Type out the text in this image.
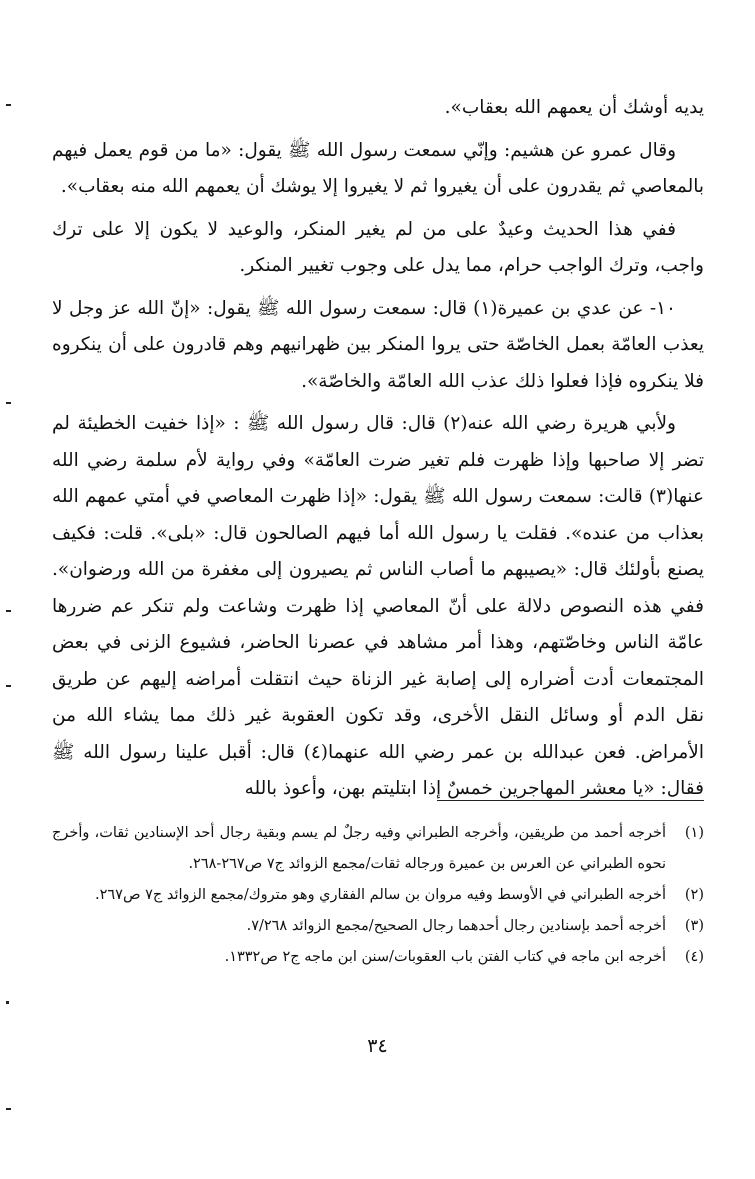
يديه أوشك أن يعمهم الله بعقاب».

وقال عمرو عن هشيم: وإنّي سمعت رسول الله ﷺ يقول: «ما من قوم يعمل فيهم بالمعاصي ثم يقدرون على أن يغيروا ثم لا يغيروا إلا يوشك أن يعمهم الله منه بعقاب».

ففي هذا الحديث وعيدٌ على من لم يغير المنكر، والوعيد لا يكون إلا على ترك واجب، وترك الواجب حرام، مما يدل على وجوب تغيير المنكر.

١٠- عن عدي بن عميرة(١) قال: سمعت رسول الله ﷺ يقول: «إنّ الله عز وجل لا يعذب العامّة بعمل الخاصّة حتى يروا المنكر بين ظهرانيهم وهم قادرون على أن ينكروه فلا ينكروه فإذا فعلوا ذلك عذب الله العامّة والخاصّة».

ولأبي هريرة رضي الله عنه(٢) قال: قال رسول الله ﷺ : «إذا خفيت الخطيئة لم تضر إلا صاحبها وإذا ظهرت فلم تغير ضرت العامّة» وفي رواية لأم سلمة رضي الله عنها(٣) قالت: سمعت رسول الله ﷺ يقول: «إذا ظهرت المعاصي في أمتي عمهم الله بعذاب من عنده». فقلت يا رسول الله أما فيهم الصالحون قال: «بلى». قلت: فكيف يصنع بأولئك قال: «يصيبهم ما أصاب الناس ثم يصيرون إلى مغفرة من الله ورضوان». ففي هذه النصوص دلالة على أنّ المعاصي إذا ظهرت وشاعت ولم تنكر عم ضررها عامّة الناس وخاصّتهم، وهذا أمر مشاهد في عصرنا الحاضر، فشيوع الزنى في بعض المجتمعات أدت أضراره إلى إصابة غير الزناة حيث انتقلت أمراضه إليهم عن طريق نقل الدم أو وسائل النقل الأخرى، وقد تكون العقوبة غير ذلك مما يشاء الله من الأمراض. فعن عبدالله بن عمر رضي الله عنهما(٤) قال: أقبل علينا رسول الله ﷺ فقال: «يا معشر المهاجرين خمسٌ إذا ابتليتم بهن، وأعوذ بالله

(١)
أخرجه أحمد من طريقين، وأخرجه الطبراني وفيه رجلٌ لم يسم وبقية رجال أحد الإسنادين ثقات، وأخرج نحوه الطبراني عن العرس بن عميرة ورجاله ثقات/مجمع الزوائد ج٧ ص٢٦٧-٢٦٨.
(٢)
أخرجه الطبراني في الأوسط وفيه مروان بن سالم الفقاري وهو متروك/مجمع الزوائد ج٧ ص٢٦٧.
(٣)
أخرجه أحمد بإسنادين رجال أحدهما رجال الصحيح/مجمع الزوائد ٧/٢٦٨.
(٤)
أخرجه ابن ماجه في كتاب الفتن باب العقوبات/سنن ابن ماجه ج٢ ص١٣٣٢.
٣٤
